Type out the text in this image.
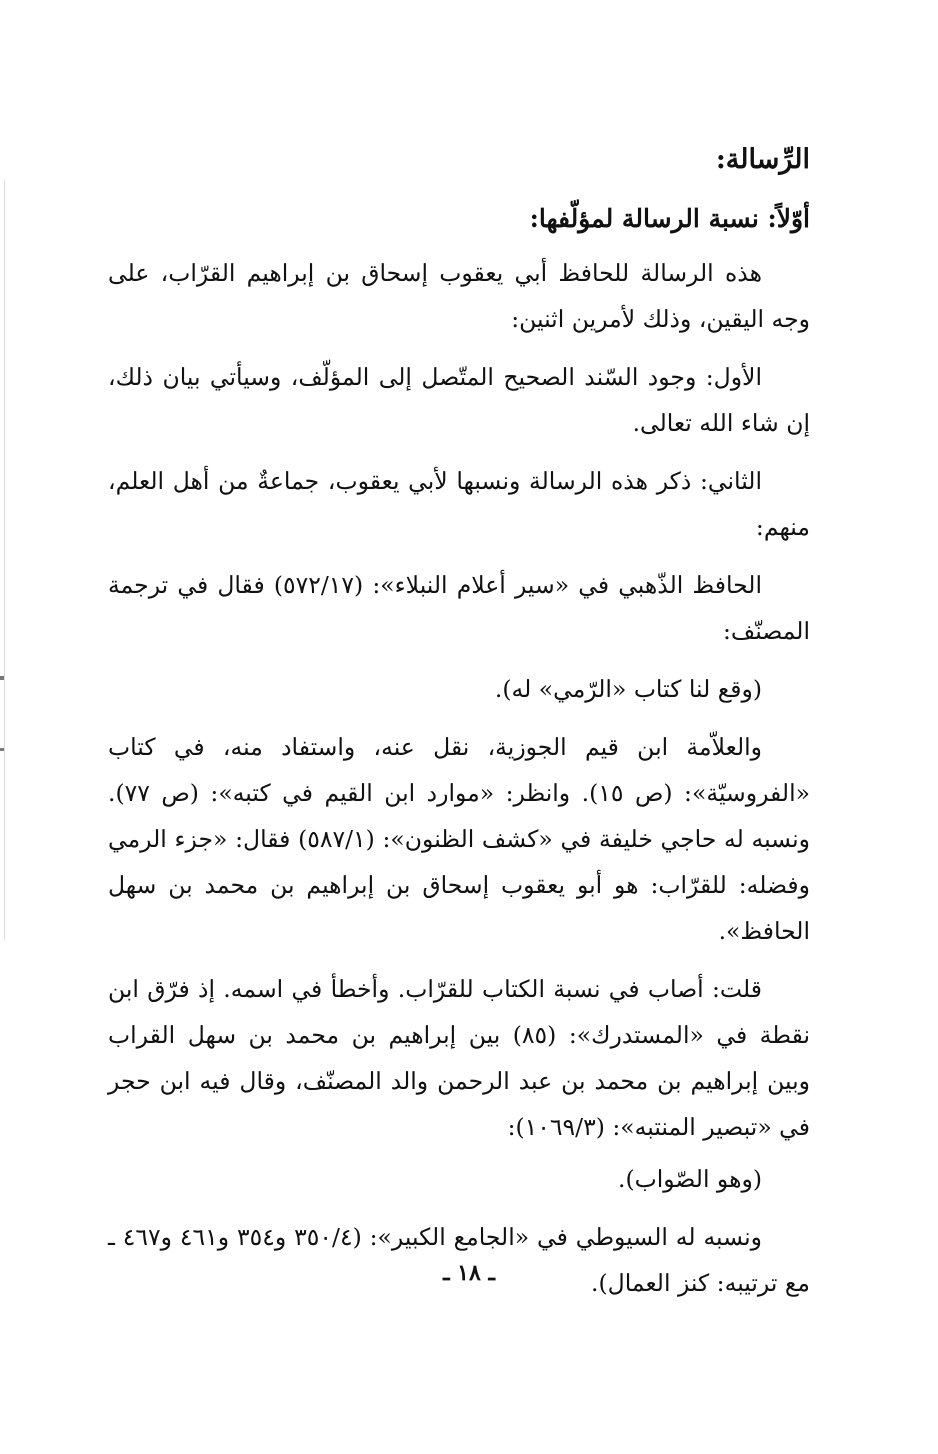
الرِّسالة:
أوّلاً: نسبة الرسالة لمؤلّفها:

هذه الرسالة للحافظ أبي يعقوب إسحاق بن إبراهيم القرّاب، على وجه اليقين، وذلك لأمرين اثنين:

الأول: وجود السّند الصحيح المتّصل إلى المؤلّف، وسيأتي بيان ذلك، إن شاء الله تعالى.

الثاني: ذكر هذه الرسالة ونسبها لأبي يعقوب، جماعةٌ من أهل العلم، منهم:

الحافظ الذّهبي في «سير أعلام النبلاء»: (٥٧٢/١٧) فقال في ترجمة المصنّف:

(وقع لنا كتاب «الرّمي» له).

والعلاّمة ابن قيم الجوزية، نقل عنه، واستفاد منه، في كتاب «الفروسيّة»: (ص ١٥). وانظر: «موارد ابن القيم في كتبه»: (ص ٧٧). ونسبه له حاجي خليفة في «كشف الظنون»: (٥٨٧/١) فقال: «جزء الرمي وفضله: للقرّاب: هو أبو يعقوب إسحاق بن إبراهيم بن محمد بن سهل الحافظ».

قلت: أصاب في نسبة الكتاب للقرّاب. وأخطأ في اسمه. إذ فرّق ابن نقطة في «المستدرك»: (٨٥) بين إبراهيم بن محمد بن سهل القراب وبين إبراهيم بن محمد بن عبد الرحمن والد المصنّف، وقال فيه ابن حجر في «تبصير المنتبه»: (١٠٦٩/٣):

(وهو الصّواب).

ونسبه له السيوطي في «الجامع الكبير»: (٣٥٠/٤ و٣٥٤ و٤٦١ و٤٦٧ ـ مع ترتيبه: كنز العمال).

ـ ١٨ ـ
